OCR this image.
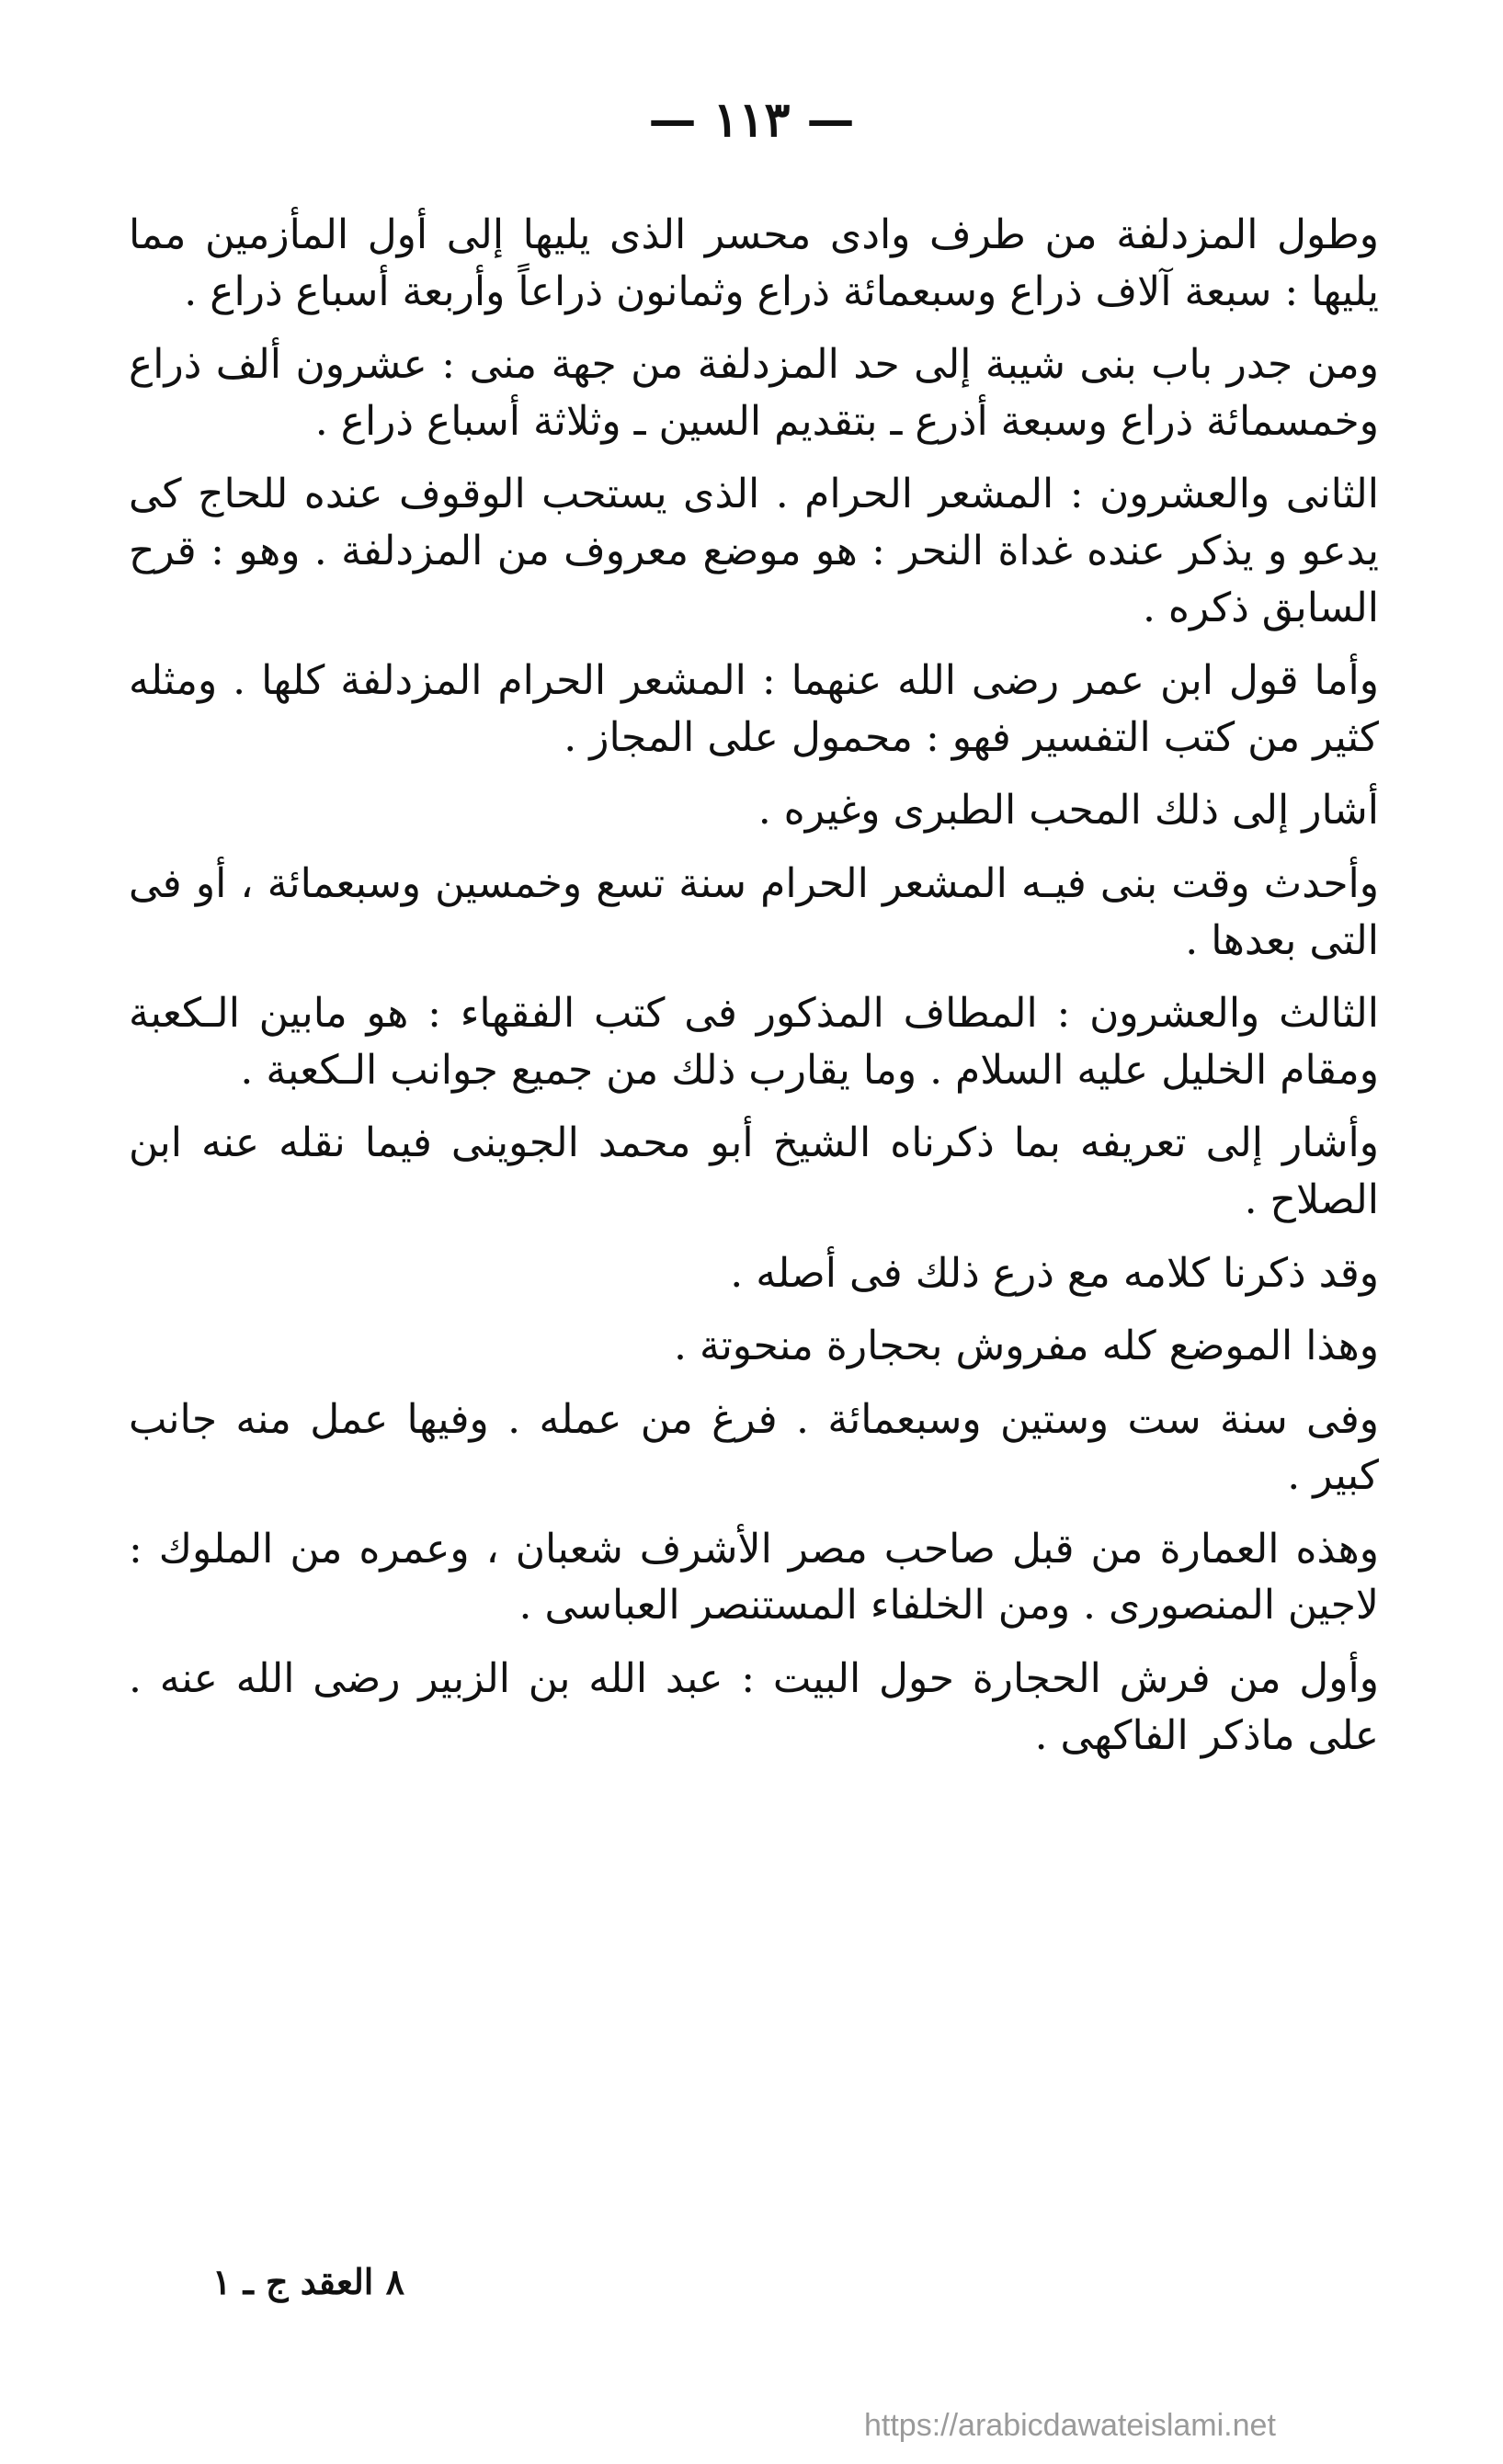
— ١١٣ —

وطول المزدلفة من طرف وادى محسر الذى يليها إلى أول المأزمين مما يليها : سبعة آلاف ذراع وسبعمائة ذراع وثمانون ذراعاً وأربعة أسباع ذراع .

ومن جدر باب بنى شيبة إلى حد المزدلفة من جهة منى : عشرون ألف ذراع وخمسمائة ذراع وسبعة أذرع ـ بتقديم السين ـ وثلاثة أسباع ذراع .

الثانى والعشرون : المشعر الحرام . الذى يستحب الوقوف عنده للحاج كى يدعو و يذكر عنده غداة النحر : هو موضع معروف من المزدلفة . وهو : قرح السابق ذكره .

وأما قول ابن عمر رضى الله عنهما : المشعر الحرام المزدلفة كلها . ومثله كثير من كتب التفسير فهو : محمول على المجاز .

أشار إلى ذلك المحب الطبرى وغيره .

وأحدث وقت بنى فيـه المشعر الحرام سنة تسع وخمسين وسبعمائة ، أو فى التى بعدها .

الثالث والعشرون : المطاف المذكور فى كتب الفقهاء : هو مابين الـكعبة ومقام الخليل عليه السلام . وما يقارب ذلك من جميع جوانب الـكعبة .

وأشار إلى تعريفه بما ذكرناه الشيخ أبو محمد الجوينى فيما نقله عنه ابن الصلاح .

وقد ذكرنا كلامه مع ذرع ذلك فى أصله .

وهذا الموضع كله مفروش بحجارة منحوتة .

وفى سنة ست وستين وسبعمائة . فرغ من عمله . وفيها عمل منه جانب كبير .

وهذه العمارة من قبل صاحب مصر الأشرف شعبان ، وعمره من الملوك : لاجين المنصورى . ومن الخلفاء المستنصر العباسى .

وأول من فرش الحجارة حول البيت : عبد الله بن الزبير رضى الله عنه . على ماذكر الفاكهى .

٨ العقد ج ـ ١
https://arabicdawateislami.net
